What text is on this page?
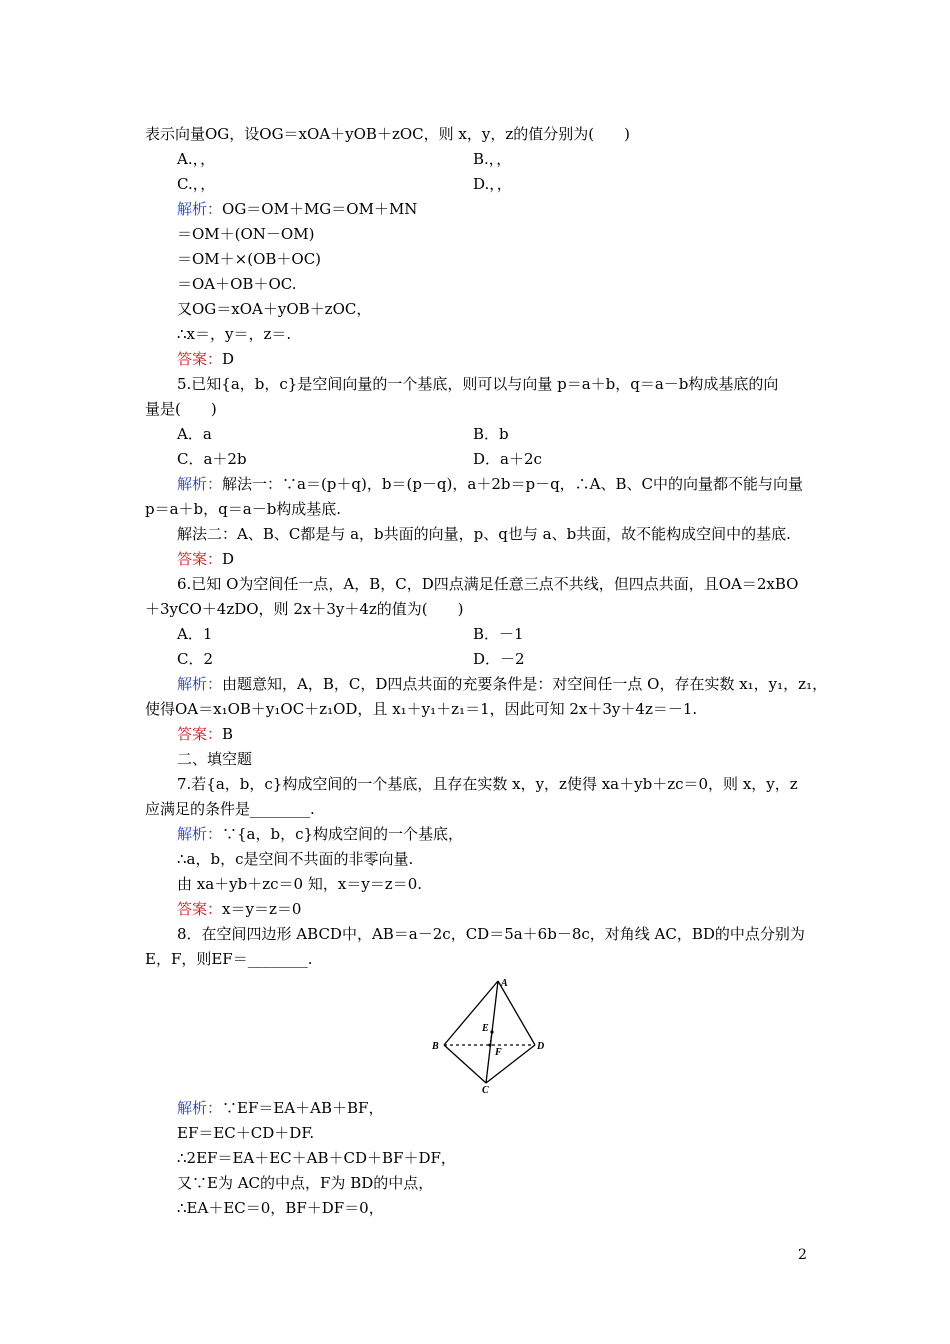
表示向量OG，设OG＝xOA＋yOB＋zOC，则 x，y，z的值分别为(　　)
A.，，	B.，，
C.，，	D.，，
解析：OG＝OM＋MG＝OM＋MN
＝OM＋(ON－OM)
＝OM＋×(OB＋OC)
＝OA＋OB＋OC.
又OG＝xOA＋yOB＋zOC，
∴x＝，y＝，z＝.
答案：D
5.已知{a，b，c}是空间向量的一个基底，则可以与向量 p＝a＋b，q＝a－b构成基底的向
量是(　　)
A．a	B．b
C．a＋2b	D．a＋2c
解析：解法一：∵a＝(p＋q)，b＝(p－q)，a＋2b＝p－q，∴A、B、C中的向量都不能与向量
p＝a＋b，q＝a－b构成基底.
解法二：A、B、C都是与 a，b共面的向量，p、q也与 a、b共面，故不能构成空间中的基底.
答案：D
6.已知 O为空间任一点，A，B，C，D四点满足任意三点不共线，但四点共面，且OA＝2xBO
＋3yCO＋4zDO，则 2x＋3y＋4z的值为(　　)
A．1	B．－1
C．2	D．－2
解析：由题意知，A，B，C，D四点共面的充要条件是：对空间任一点 O，存在实数 x₁，y₁，z₁，
使得OA＝x₁OB＋y₁OC＋z₁OD，且 x₁＋y₁＋z₁＝1，因此可知 2x＋3y＋4z＝－1.
答案：B
二、填空题
7.若{a，b，c}构成空间的一个基底，且存在实数 x，y，z使得 xa＋yb＋zc＝0，则 x，y，z
应满足的条件是________.
解析：∵{a，b，c}构成空间的一个基底，
∴a，b，c是空间不共面的非零向量.
由 xa＋yb＋zc＝0 知，x＝y＝z＝0.
答案：x＝y＝z＝0
8．在空间四边形 ABCD中，AB＝a－2c，CD＝5a＋6b－8c，对角线 AC，BD的中点分别为
E，F，则EF＝________.
A
B
C
D
E
F
解析：∵EF＝EA＋AB＋BF，
EF＝EC＋CD＋DF.
∴2EF＝EA＋EC＋AB＋CD＋BF＋DF，
又∵E为 AC的中点，F为 BD的中点，
∴EA＋EC＝0，BF＋DF＝0，
2
